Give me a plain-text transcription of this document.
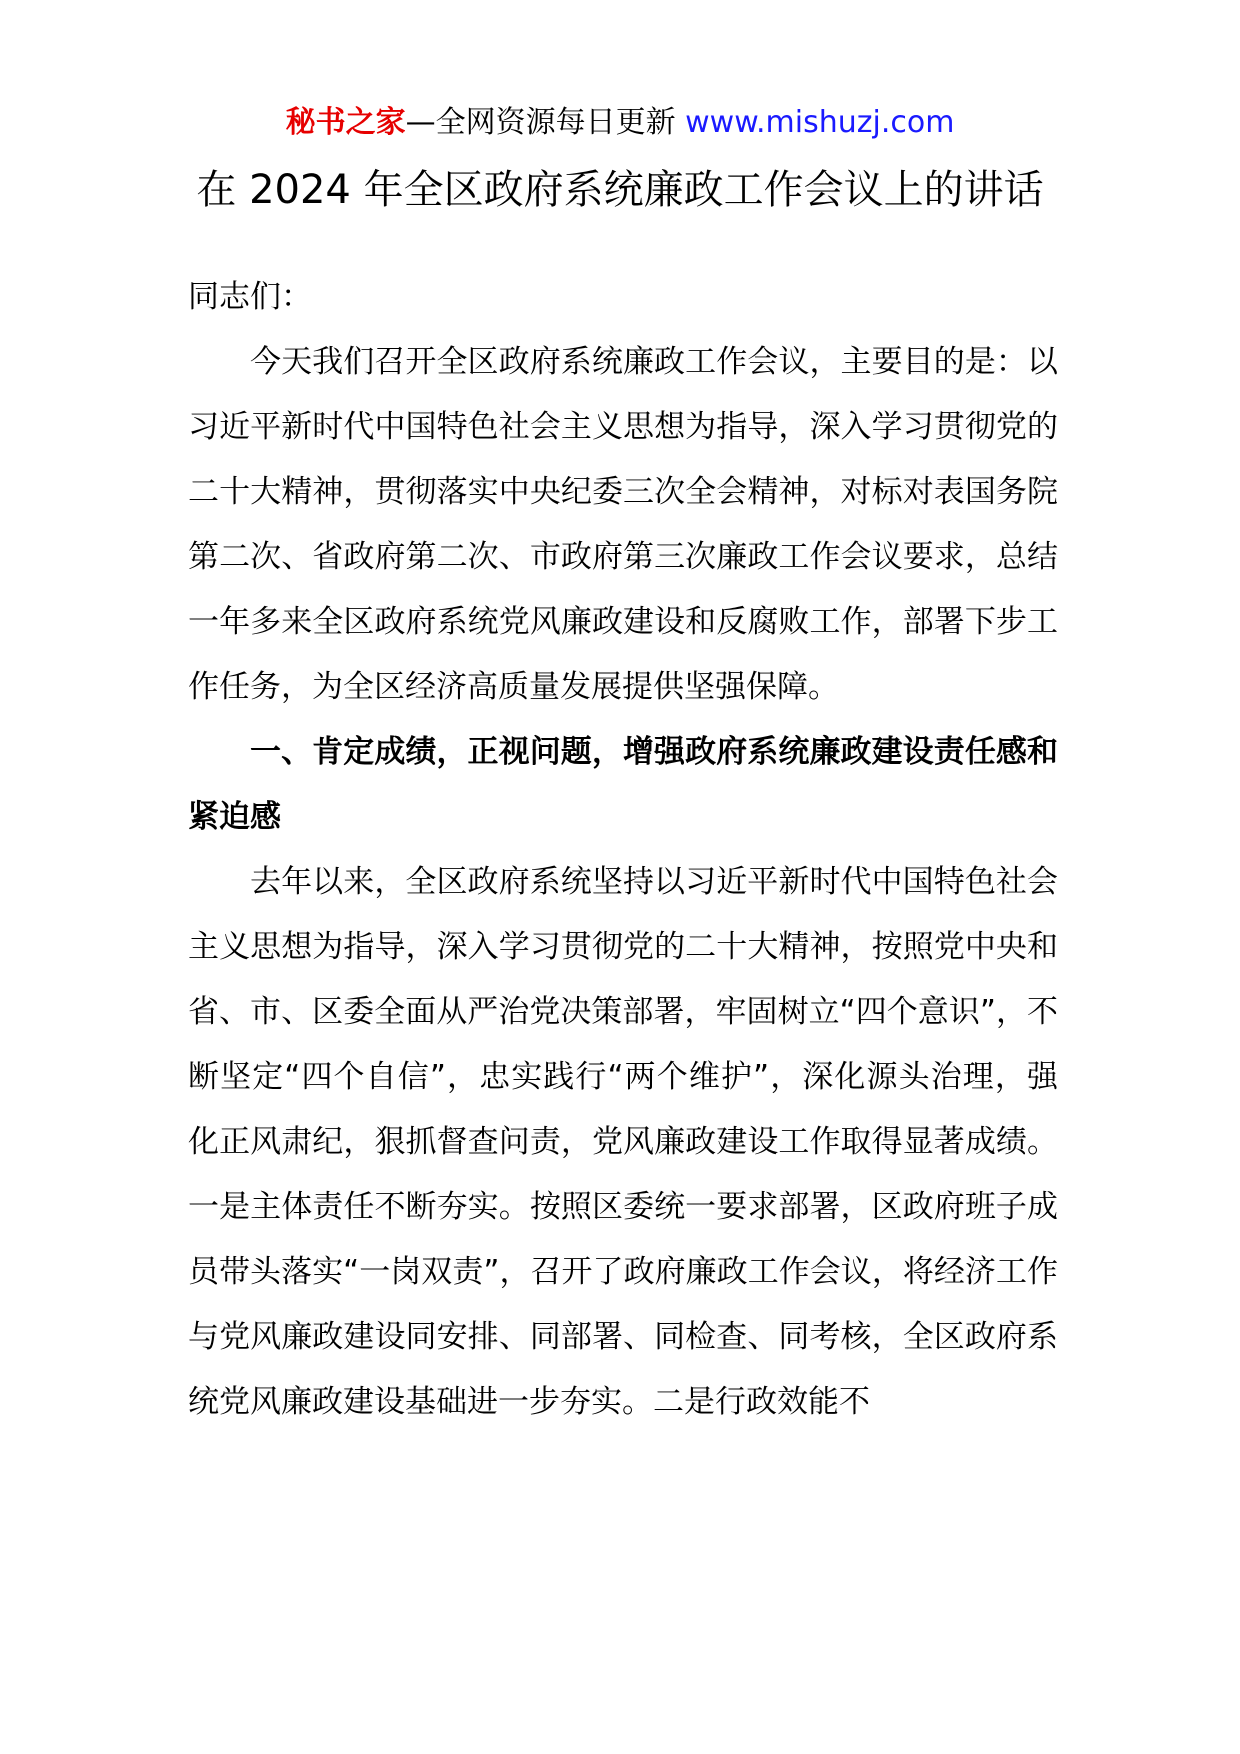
秘书之家—全网资源每日更新 www.mishuzj.com
在 2024 年全区政府系统廉政工作会议上的讲话

同志们：

今天我们召开全区政府系统廉政工作会议，主要目的是：以习近平新时代中国特色社会主义思想为指导，深入学习贯彻党的二十大精神，贯彻落实中央纪委三次全会精神，对标对表国务院第二次、省政府第二次、市政府第三次廉政工作会议要求，总结一年多来全区政府系统党风廉政建设和反腐败工作，部署下步工作任务，为全区经济高质量发展提供坚强保障。

一、肯定成绩，正视问题，增强政府系统廉政建设责任感和紧迫感

去年以来，全区政府系统坚持以习近平新时代中国特色社会主义思想为指导，深入学习贯彻党的二十大精神，按照党中央和省、市、区委全面从严治党决策部署，牢固树立“四个意识”，不断坚定“四个自信”，忠实践行“两个维护”，深化源头治理，强化正风肃纪，狠抓督查问责，党风廉政建设工作取得显著成绩。一是主体责任不断夯实。按照区委统一要求部署，区政府班子成员带头落实“一岗双责”，召开了政府廉政工作会议，将经济工作与党风廉政建设同安排、同部署、同检查、同考核，全区政府系统党风廉政建设基础进一步夯实。二是行政效能不
